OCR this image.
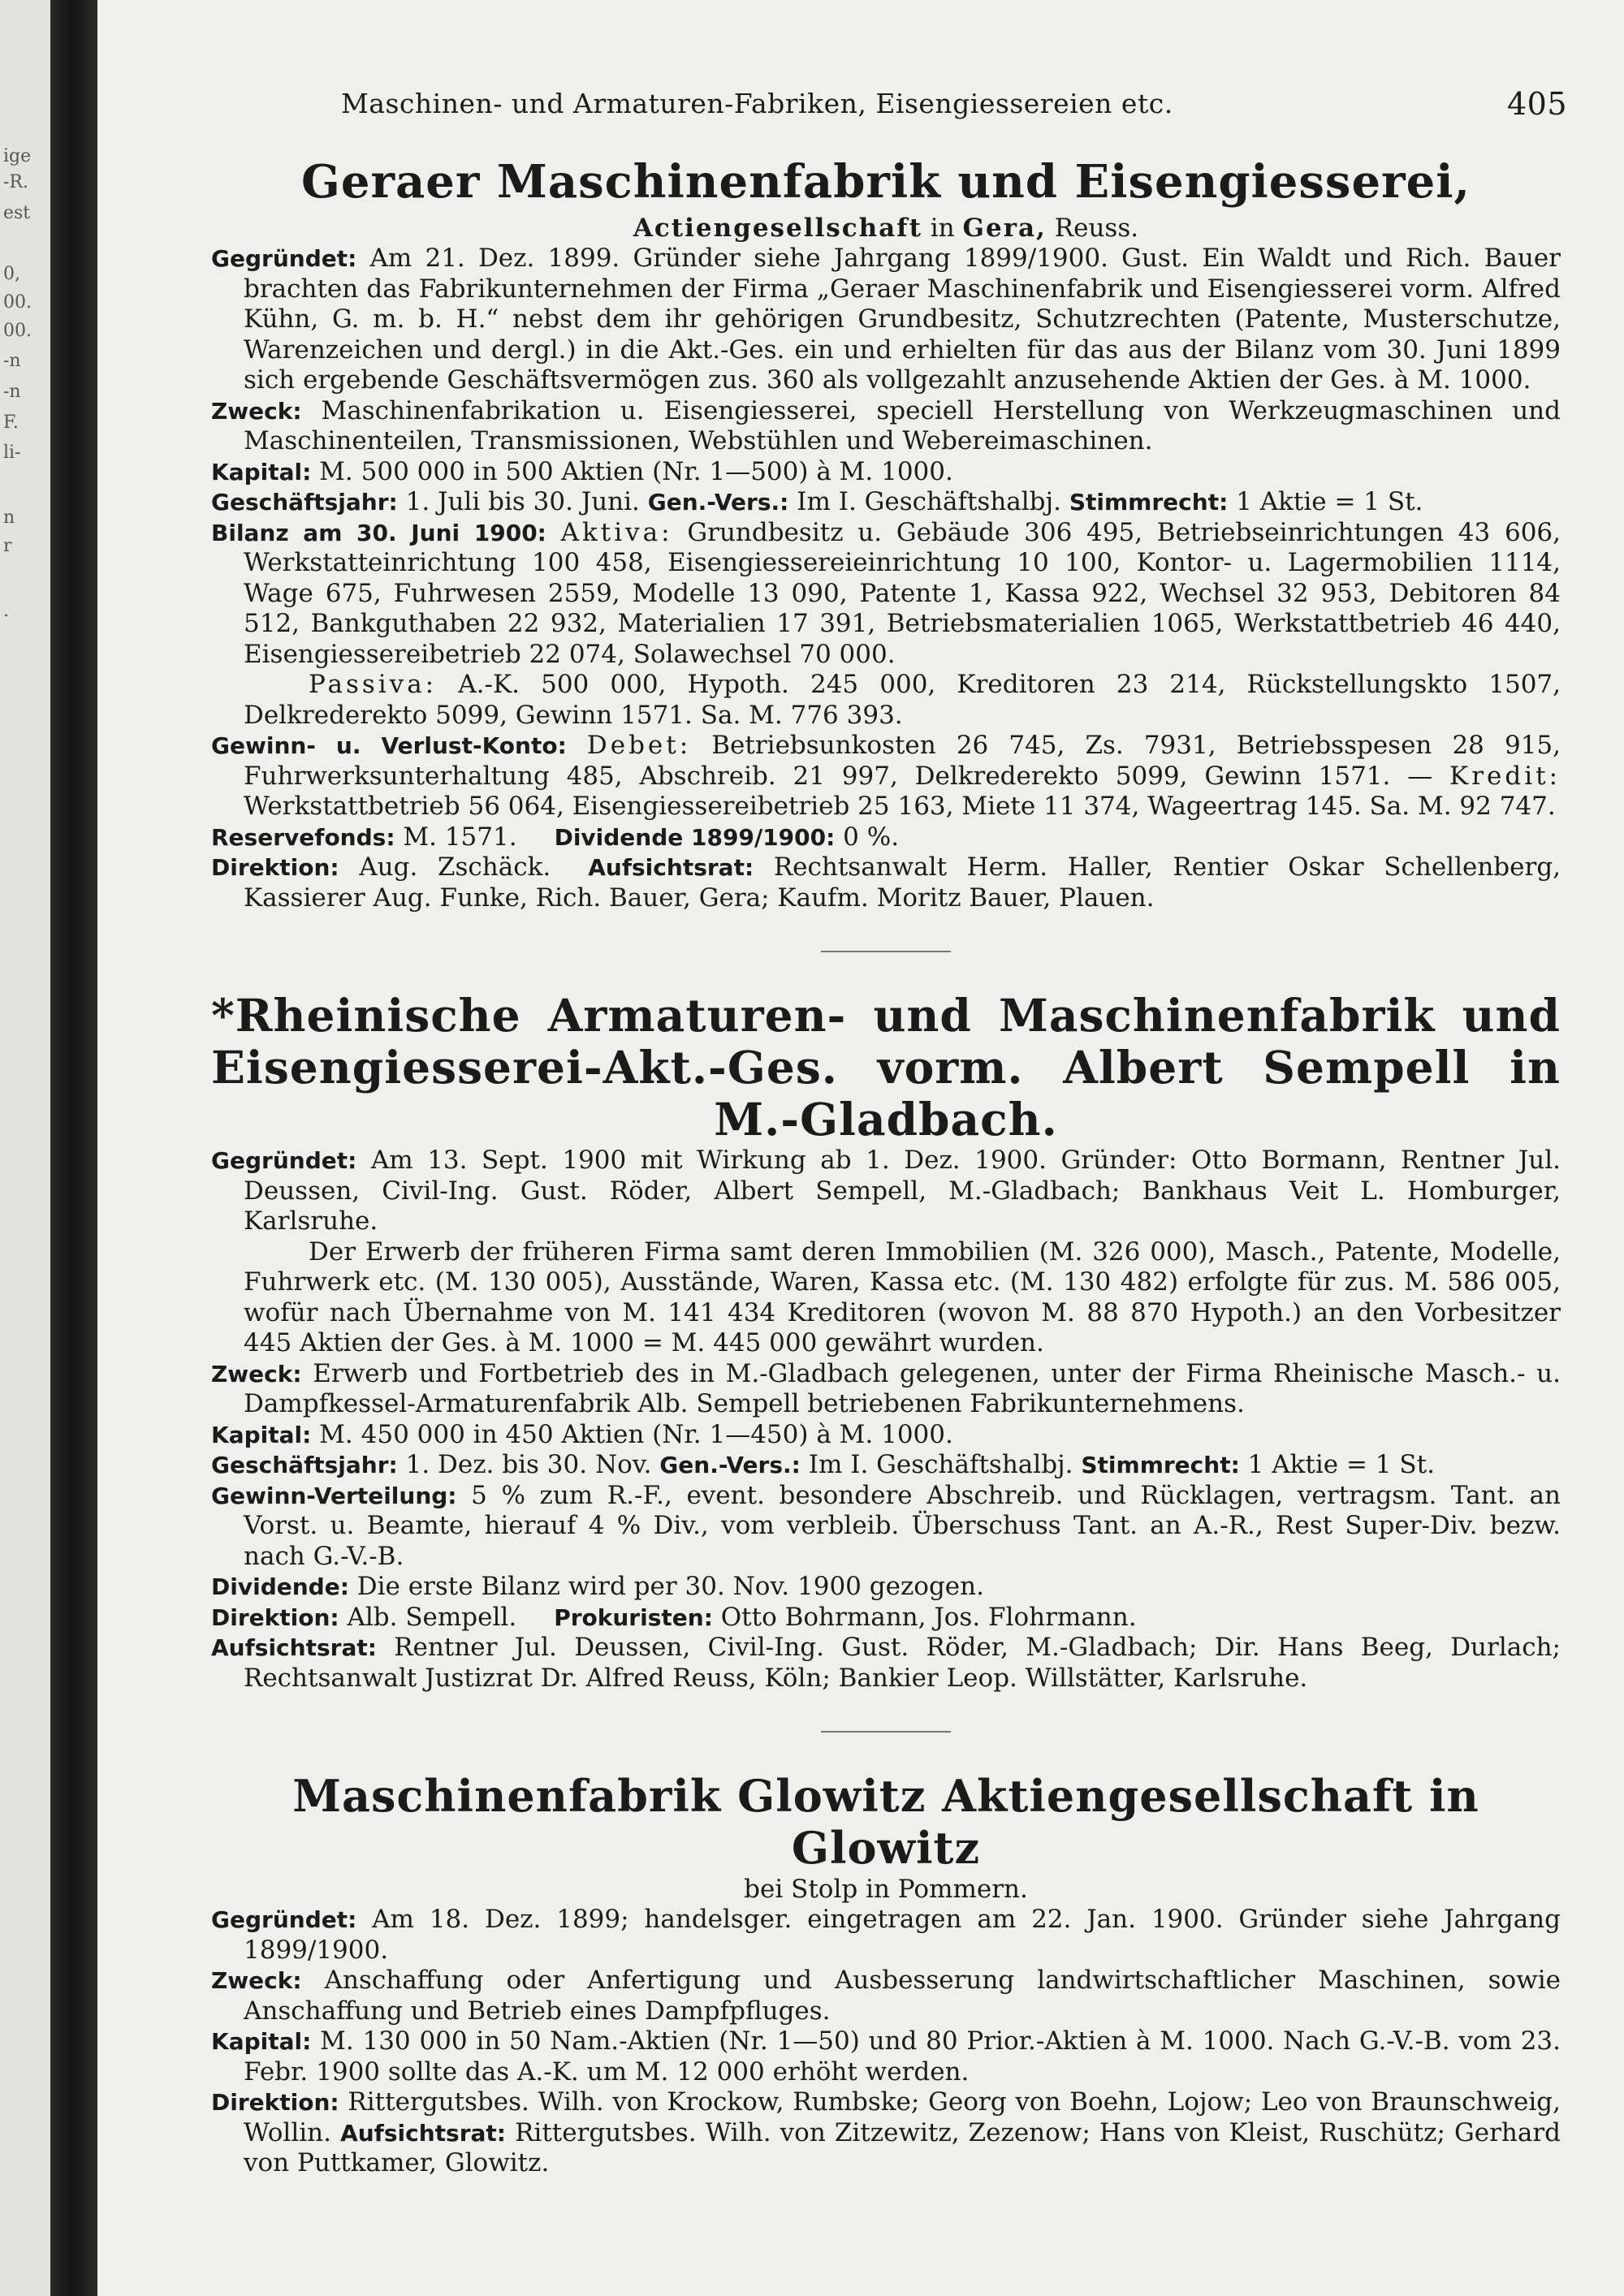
ige
-R.
est
0,
00.
00.
-n
-n
F.
li-
n
r
.
Maschinen- und Armaturen-Fabriken, Eisengiessereien etc.	405
Geraer Maschinenfabrik und Eisengiesserei,
Actiengesellschaft in Gera, Reuss.

Gegründet: Am 21. Dez. 1899. Gründer siehe Jahrgang 1899/1900. Gust. Ein Waldt und Rich. Bauer brachten das Fabrikunternehmen der Firma „Geraer Maschinenfabrik und Eisengiesserei vorm. Alfred Kühn, G. m. b. H.“ nebst dem ihr gehörigen Grundbesitz, Schutzrechten (Patente, Musterschutze, Warenzeichen und dergl.) in die Akt.-Ges. ein und erhielten für das aus der Bilanz vom 30. Juni 1899 sich ergebende Geschäftsvermögen zus. 360 als vollgezahlt anzusehende Aktien der Ges. à M. 1000.

Zweck: Maschinenfabrikation u. Eisengiesserei, speciell Herstellung von Werkzeugmaschinen und Maschinenteilen, Transmissionen, Webstühlen und Webereimaschinen.

Kapital: M. 500 000 in 500 Aktien (Nr. 1—500) à M. 1000.

Geschäftsjahr: 1. Juli bis 30. Juni. Gen.-Vers.: Im I. Geschäftshalbj. Stimmrecht: 1 Aktie = 1 St.

Bilanz am 30. Juni 1900: Aktiva: Grundbesitz u. Gebäude 306 495, Betriebseinrichtungen 43 606, Werkstatteinrichtung 100 458, Eisengiessereieinrichtung 10 100, Kontor- u. Lagermobilien 1114, Wage 675, Fuhrwesen 2559, Modelle 13 090, Patente 1, Kassa 922, Wechsel 32 953, Debitoren 84 512, Bankguthaben 22 932, Materialien 17 391, Betriebsmaterialien 1065, Werkstattbetrieb 46 440, Eisengiessereibetrieb 22 074, Solawechsel 70 000.

Passiva: A.-K. 500 000, Hypoth. 245 000, Kreditoren 23 214, Rückstellungskto 1507, Delkrederekto 5099, Gewinn 1571. Sa. M. 776 393.

Gewinn- u. Verlust-Konto: Debet: Betriebsunkosten 26 745, Zs. 7931, Betriebsspesen 28 915, Fuhrwerksunterhaltung 485, Abschreib. 21 997, Delkrederekto 5099, Gewinn 1571. — Kredit: Werkstattbetrieb 56 064, Eisengiessereibetrieb 25 163, Miete 11 374, Wageertrag 145. Sa. M. 92 747.

Reservefonds: M. 1571. Dividende 1899/1900: 0 %.

Direktion: Aug. Zschäck. Aufsichtsrat: Rechtsanwalt Herm. Haller, Rentier Oskar Schellenberg, Kassierer Aug. Funke, Rich. Bauer, Gera; Kaufm. Moritz Bauer, Plauen.

*Rheinische Armaturen- und Maschinenfabrik und Eisengiesserei-Akt.-Ges. vorm. Albert Sempell in M.-Gladbach.

Gegründet: Am 13. Sept. 1900 mit Wirkung ab 1. Dez. 1900. Gründer: Otto Bormann, Rentner Jul. Deussen, Civil-Ing. Gust. Röder, Albert Sempell, M.-Gladbach; Bankhaus Veit L. Homburger, Karlsruhe.

Der Erwerb der früheren Firma samt deren Immobilien (M. 326 000), Masch., Patente, Modelle, Fuhrwerk etc. (M. 130 005), Ausstände, Waren, Kassa etc. (M. 130 482) erfolgte für zus. M. 586 005, wofür nach Übernahme von M. 141 434 Kreditoren (wovon M. 88 870 Hypoth.) an den Vorbesitzer 445 Aktien der Ges. à M. 1000 = M. 445 000 gewährt wurden.

Zweck: Erwerb und Fortbetrieb des in M.-Gladbach gelegenen, unter der Firma Rheinische Masch.- u. Dampfkessel-Armaturenfabrik Alb. Sempell betriebenen Fabrikunternehmens.

Kapital: M. 450 000 in 450 Aktien (Nr. 1—450) à M. 1000.

Geschäftsjahr: 1. Dez. bis 30. Nov. Gen.-Vers.: Im I. Geschäftshalbj. Stimmrecht: 1 Aktie = 1 St.

Gewinn-Verteilung: 5 % zum R.-F., event. besondere Abschreib. und Rücklagen, vertragsm. Tant. an Vorst. u. Beamte, hierauf 4 % Div., vom verbleib. Überschuss Tant. an A.-R., Rest Super-Div. bezw. nach G.-V.-B.

Dividende: Die erste Bilanz wird per 30. Nov. 1900 gezogen.

Direktion: Alb. Sempell. Prokuristen: Otto Bohrmann, Jos. Flohrmann.

Aufsichtsrat: Rentner Jul. Deussen, Civil-Ing. Gust. Röder, M.-Gladbach; Dir. Hans Beeg, Durlach; Rechtsanwalt Justizrat Dr. Alfred Reuss, Köln; Bankier Leop. Willstätter, Karlsruhe.

Maschinenfabrik Glowitz Aktiengesellschaft in Glowitz
bei Stolp in Pommern.

Gegründet: Am 18. Dez. 1899; handelsger. eingetragen am 22. Jan. 1900. Gründer siehe Jahrgang 1899/1900.

Zweck: Anschaffung oder Anfertigung und Ausbesserung landwirtschaftlicher Maschinen, sowie Anschaffung und Betrieb eines Dampfpfluges.

Kapital: M. 130 000 in 50 Nam.-Aktien (Nr. 1—50) und 80 Prior.-Aktien à M. 1000. Nach G.-V.-B. vom 23. Febr. 1900 sollte das A.-K. um M. 12 000 erhöht werden.

Direktion: Rittergutsbes. Wilh. von Krockow, Rumbske; Georg von Boehn, Lojow; Leo von Braunschweig, Wollin. Aufsichtsrat: Rittergutsbes. Wilh. von Zitzewitz, Zezenow; Hans von Kleist, Ruschütz; Gerhard von Puttkamer, Glowitz.
